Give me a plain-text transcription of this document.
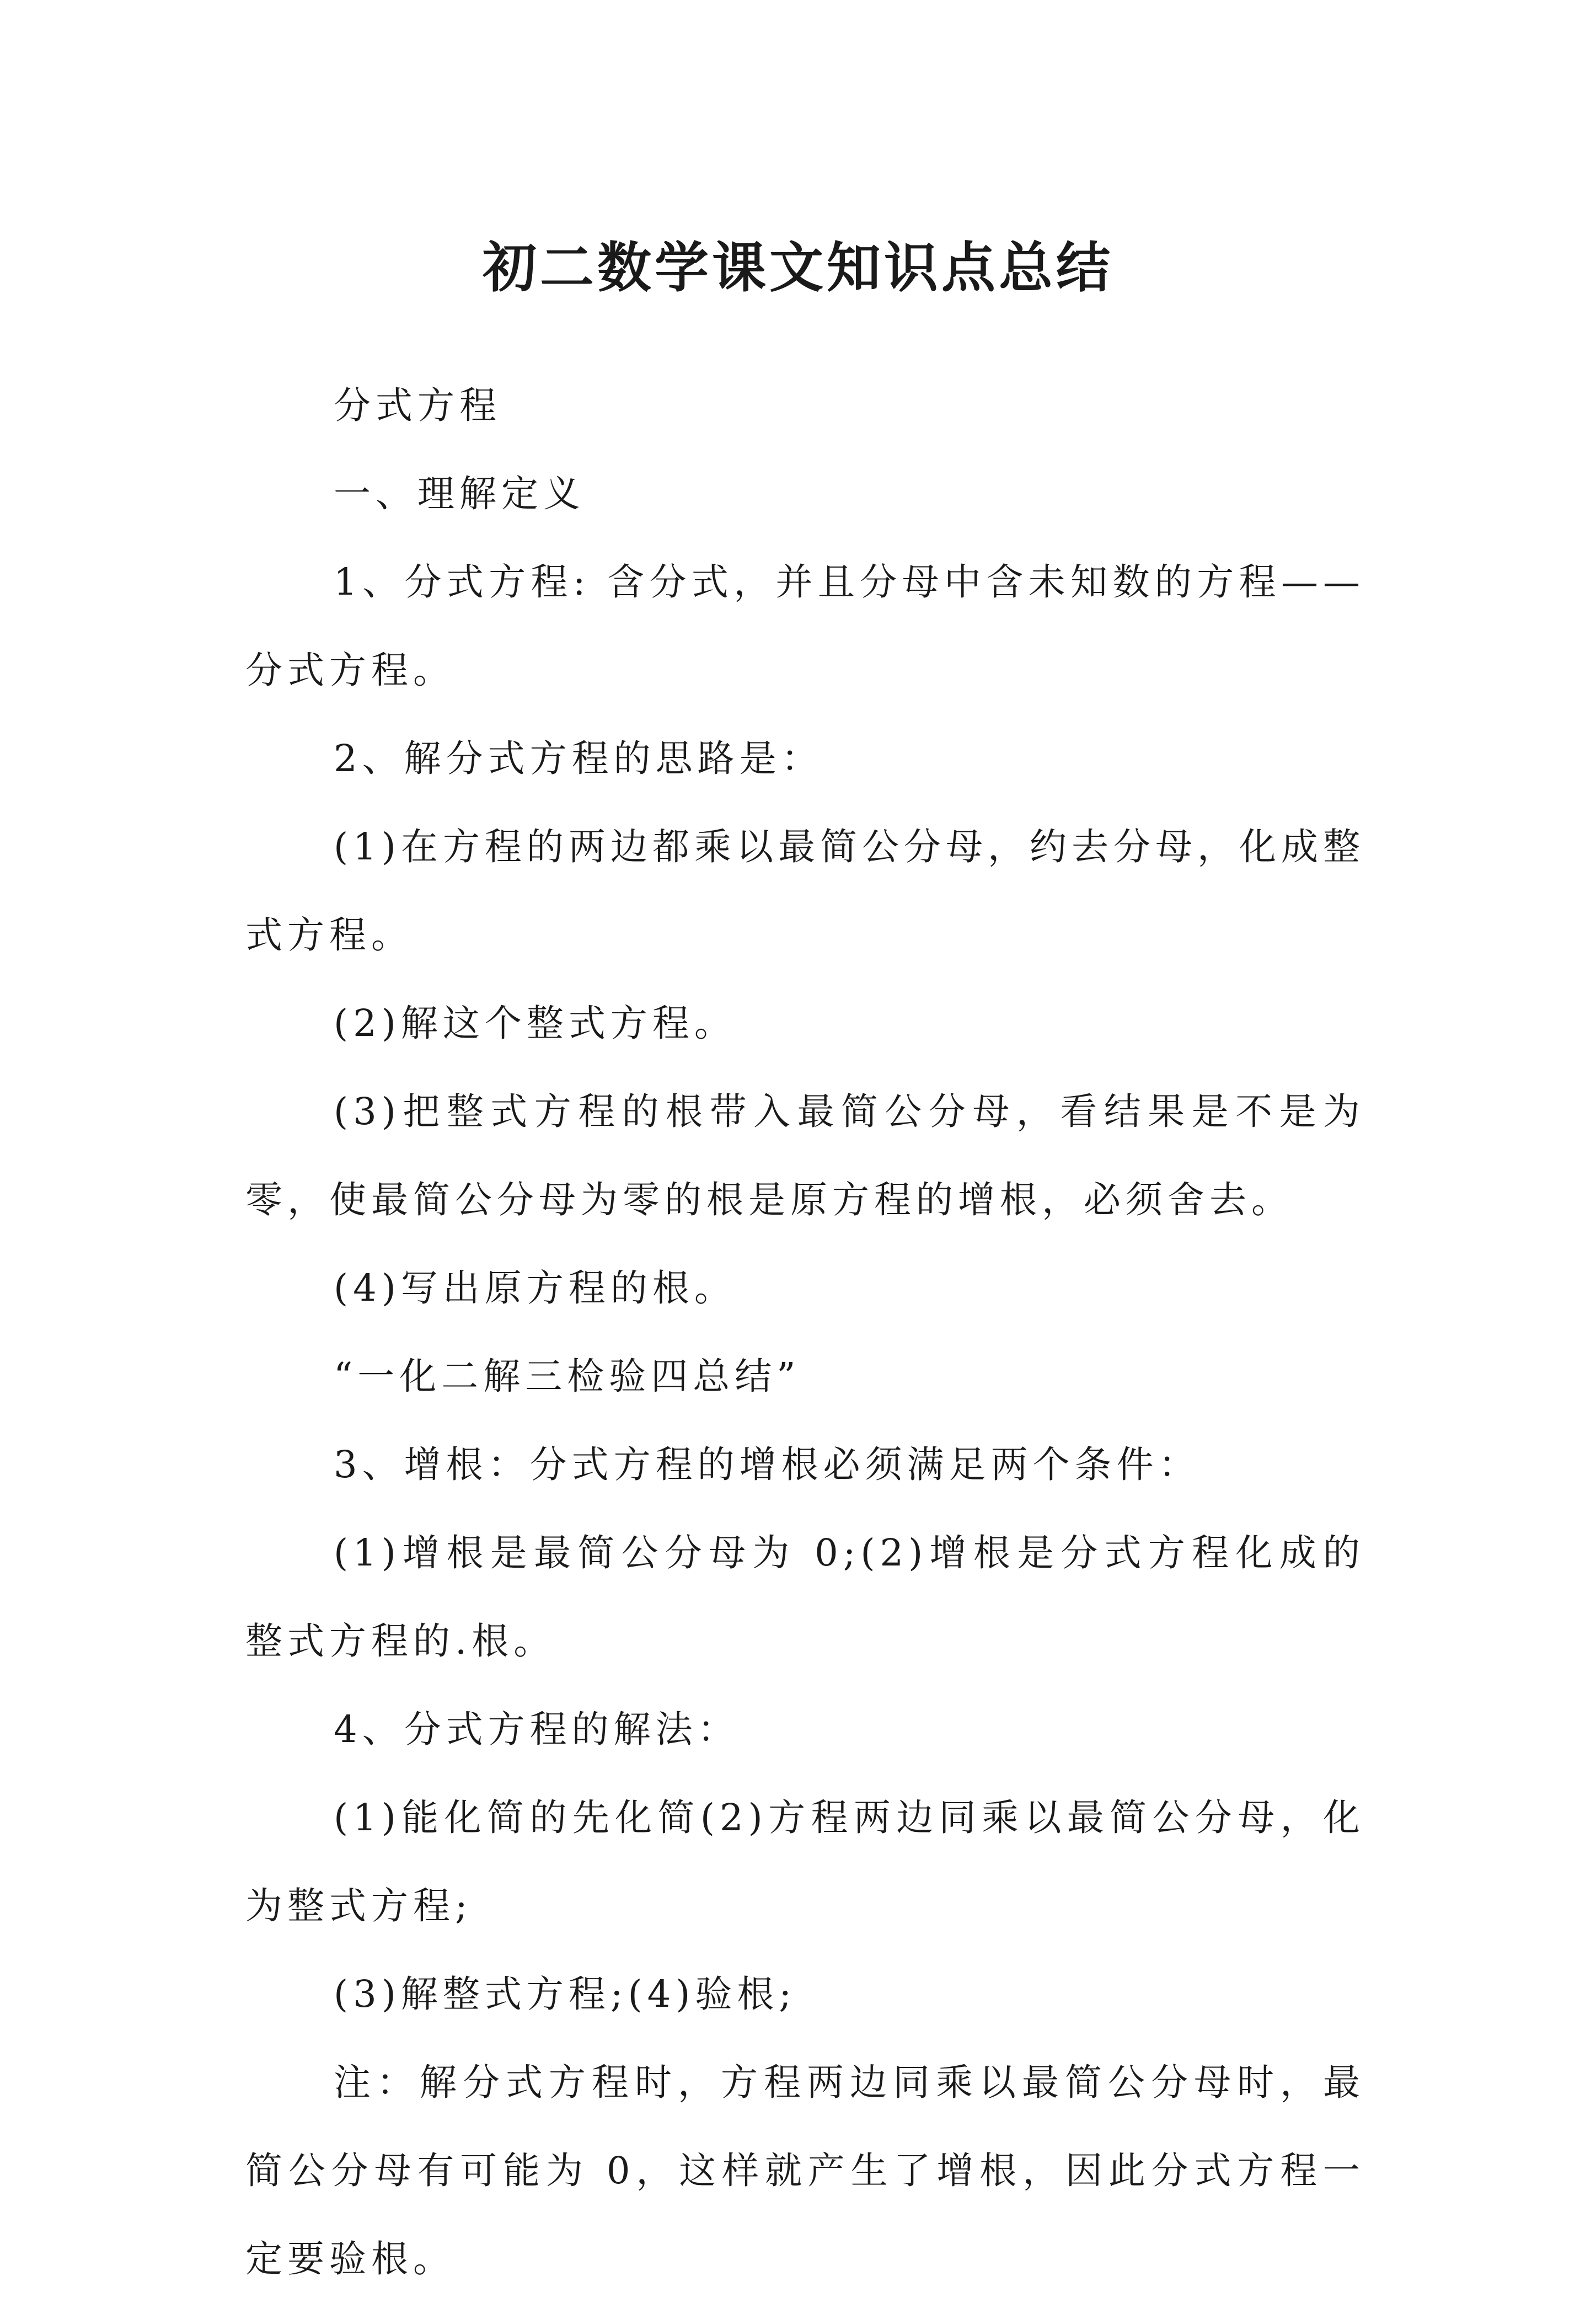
初二数学课文知识点总结

分式方程

一、理解定义

1、分式方程: 含分式，并且分母中含未知数的方程——分式方程。

2、解分式方程的思路是：

(1)在方程的两边都乘以最简公分母，约去分母，化成整式方程。

(2)解这个整式方程。

(3)把整式方程的根带入最简公分母，看结果是不是为零，使最简公分母为零的根是原方程的增根，必须舍去。

(4)写出原方程的根。

“一化二解三检验四总结”

3、增根：分式方程的增根必须满足两个条件：

(1)增根是最简公分母为 0;(2)增根是分式方程化成的整式方程的.根。

4、分式方程的解法：

(1)能化简的先化简(2)方程两边同乘以最简公分母，化为整式方程;

(3)解整式方程;(4)验根;

注：解分式方程时，方程两边同乘以最简公分母时，最简公分母有可能为 0，这样就产生了增根，因此分式方程一定要验根。
